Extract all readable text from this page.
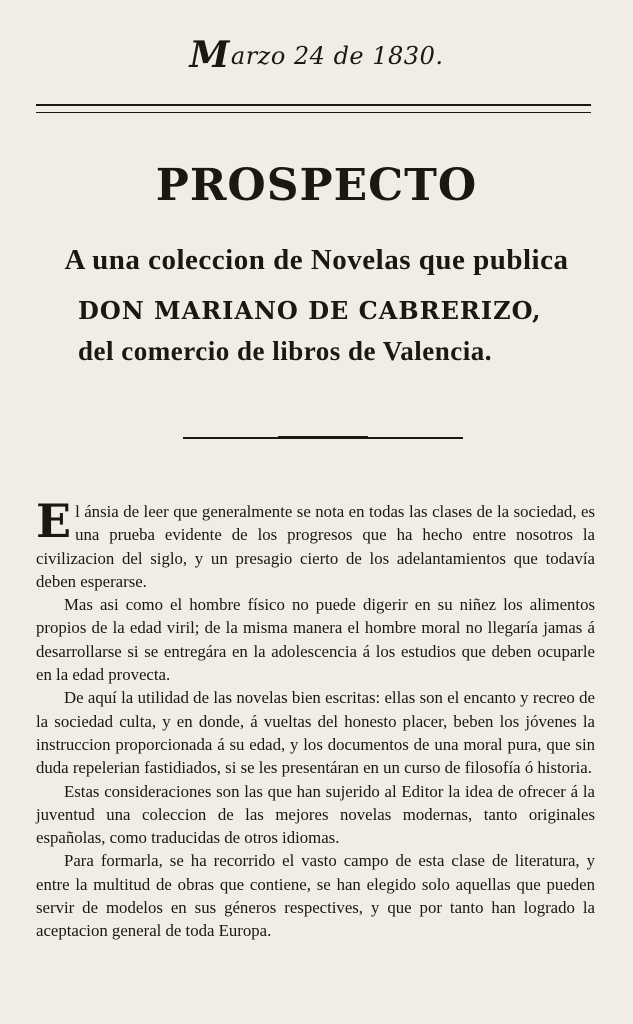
Marzo 24 de 1830.
PROSPECTO
A una coleccion de Novelas que publica
DON MARIANO DE CABRERIZO,
del comercio de libros de Valencia.

El ánsia de leer que generalmente se nota en todas las clases de la sociedad, es una prueba evidente de los progresos que ha hecho entre nosotros la civilizacion del siglo, y un presagio cierto de los adelantamientos que todavía deben esperarse.

Mas asi como el hombre físico no puede digerir en su niñez los alimentos propios de la edad viril; de la misma manera el hombre moral no llegaría jamas á desarrollarse si se entregára en la adolescencia á los estudios que deben ocuparle en la edad provecta.

De aquí la utilidad de las novelas bien escritas: ellas son el encanto y recreo de la sociedad culta, y en donde, á vueltas del honesto placer, beben los jóvenes la instruccion proporcionada á su edad, y los documentos de una moral pura, que sin duda repelerian fastidiados, si se les presentáran en un curso de filosofía ó historia.

Estas consideraciones son las que han sujerido al Editor la idea de ofrecer á la juventud una coleccion de las mejores novelas modernas, tanto originales españolas, como traducidas de otros idiomas.

Para formarla, se ha recorrido el vasto campo de esta clase de literatura, y entre la multitud de obras que contiene, se han elegido solo aquellas que pueden servir de modelos en sus géneros respectives, y que por tanto han logrado la aceptacion general de toda Europa.
